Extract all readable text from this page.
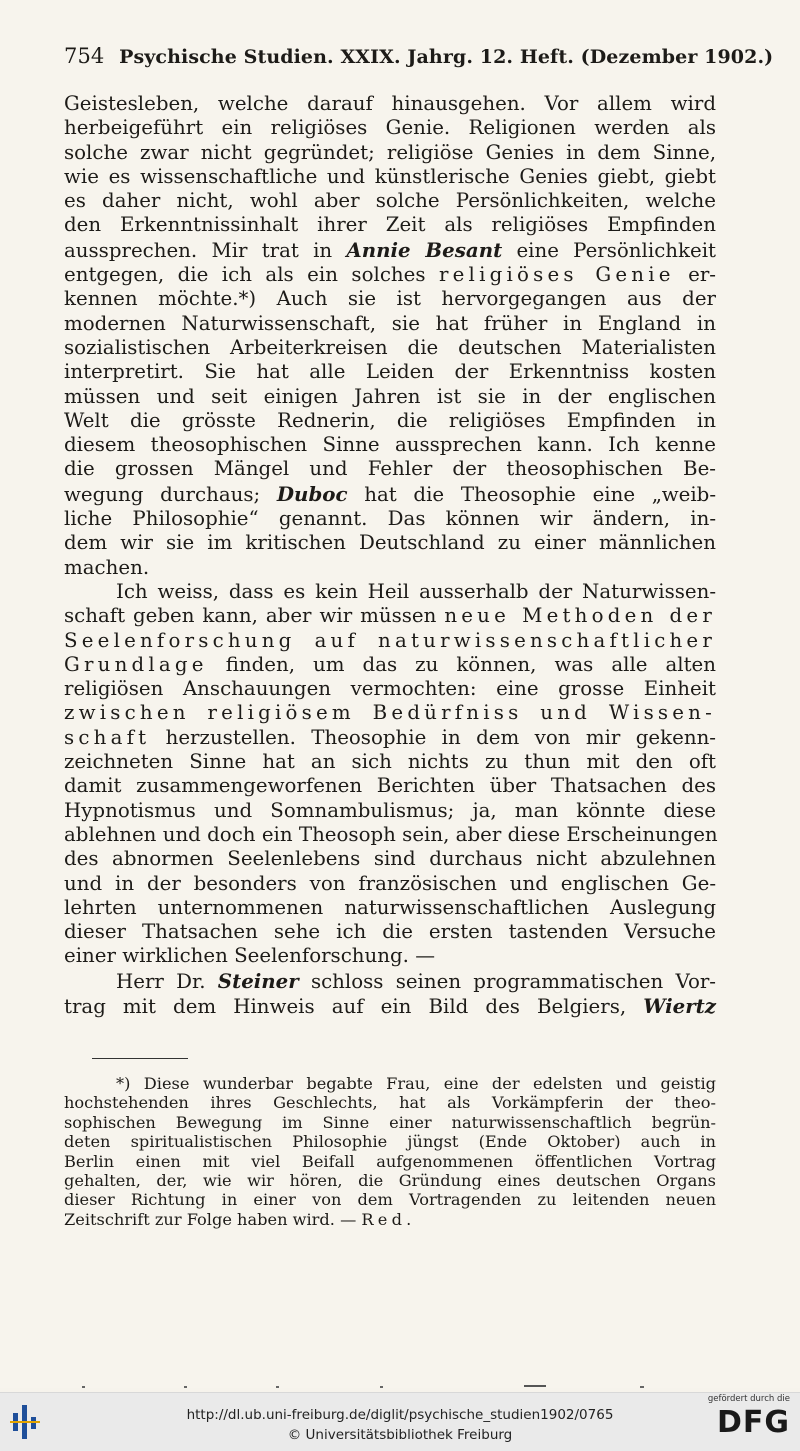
754 Psychische Studien. XXIX. Jahrg. 12. Heft. (Dezember 1902.)
Geistesleben, welche darauf hinausgehen. Vor allem wird
herbeigeführt ein religiöses Genie. Religionen werden als
solche zwar nicht gegründet; religiöse Genies in dem Sinne,
wie es wissenschaftliche und künstlerische Genies giebt, giebt
es daher nicht, wohl aber solche Persönlichkeiten, welche
den Erkenntnissinhalt ihrer Zeit als religiöses Empfinden
aussprechen. Mir trat in Annie Besant eine Persönlichkeit
entgegen, die ich als ein solches religiöses Genie er-
kennen möchte.*) Auch sie ist hervorgegangen aus der
modernen Naturwissenschaft, sie hat früher in England in
sozialistischen Arbeiterkreisen die deutschen Materialisten
interpretirt. Sie hat alle Leiden der Erkenntniss kosten
müssen und seit einigen Jahren ist sie in der englischen
Welt die grösste Rednerin, die religiöses Empfinden in
diesem theosophischen Sinne aussprechen kann. Ich kenne
die grossen Mängel und Fehler der theosophischen Be-
wegung durchaus; Duboc hat die Theosophie eine „weib-
liche Philosophie“ genannt. Das können wir ändern, in-
dem wir sie im kritischen Deutschland zu einer männlichen
machen.
Ich weiss, dass es kein Heil ausserhalb der Naturwissen-
schaft geben kann, aber wir müssen neue Methoden der
Seelenforschung auf naturwissenschaftlicher
Grundlage finden, um das zu können, was alle alten
religiösen Anschauungen vermochten: eine grosse Einheit
zwischen religiösem Bedürfniss und Wissen-
schaft herzustellen. Theosophie in dem von mir gekenn-
zeichneten Sinne hat an sich nichts zu thun mit den oft
damit zusammengeworfenen Berichten über Thatsachen des
Hypnotismus und Somnambulismus; ja, man könnte diese
ablehnen und doch ein Theosoph sein, aber diese Erscheinungen
des abnormen Seelenlebens sind durchaus nicht abzulehnen
und in der besonders von französischen und englischen Ge-
lehrten unternommenen naturwissenschaftlichen Auslegung
dieser Thatsachen sehe ich die ersten tastenden Versuche
einer wirklichen Seelenforschung. —
Herr Dr. Steiner schloss seinen programmatischen Vor-
trag mit dem Hinweis auf ein Bild des Belgiers, Wiertz
*) Diese wunderbar begabte Frau, eine der edelsten und geistig
hochstehenden ihres Geschlechts, hat als Vorkämpferin der theo-
sophischen Bewegung im Sinne einer naturwissenschaftlich begrün-
deten spiritualistischen Philosophie jüngst (Ende Oktober) auch in
Berlin einen mit viel Beifall aufgenommenen öffentlichen Vortrag
gehalten, der, wie wir hören, die Gründung eines deutschen Organs
dieser Richtung in einer von dem Vortragenden zu leitenden neuen
Zeitschrift zur Folge haben wird. — Red.
http://dl.ub.uni-freiburg.de/diglit/psychische_studien1902/0765
© Universitätsbibliothek Freiburg
gefördert durch die
DFG
